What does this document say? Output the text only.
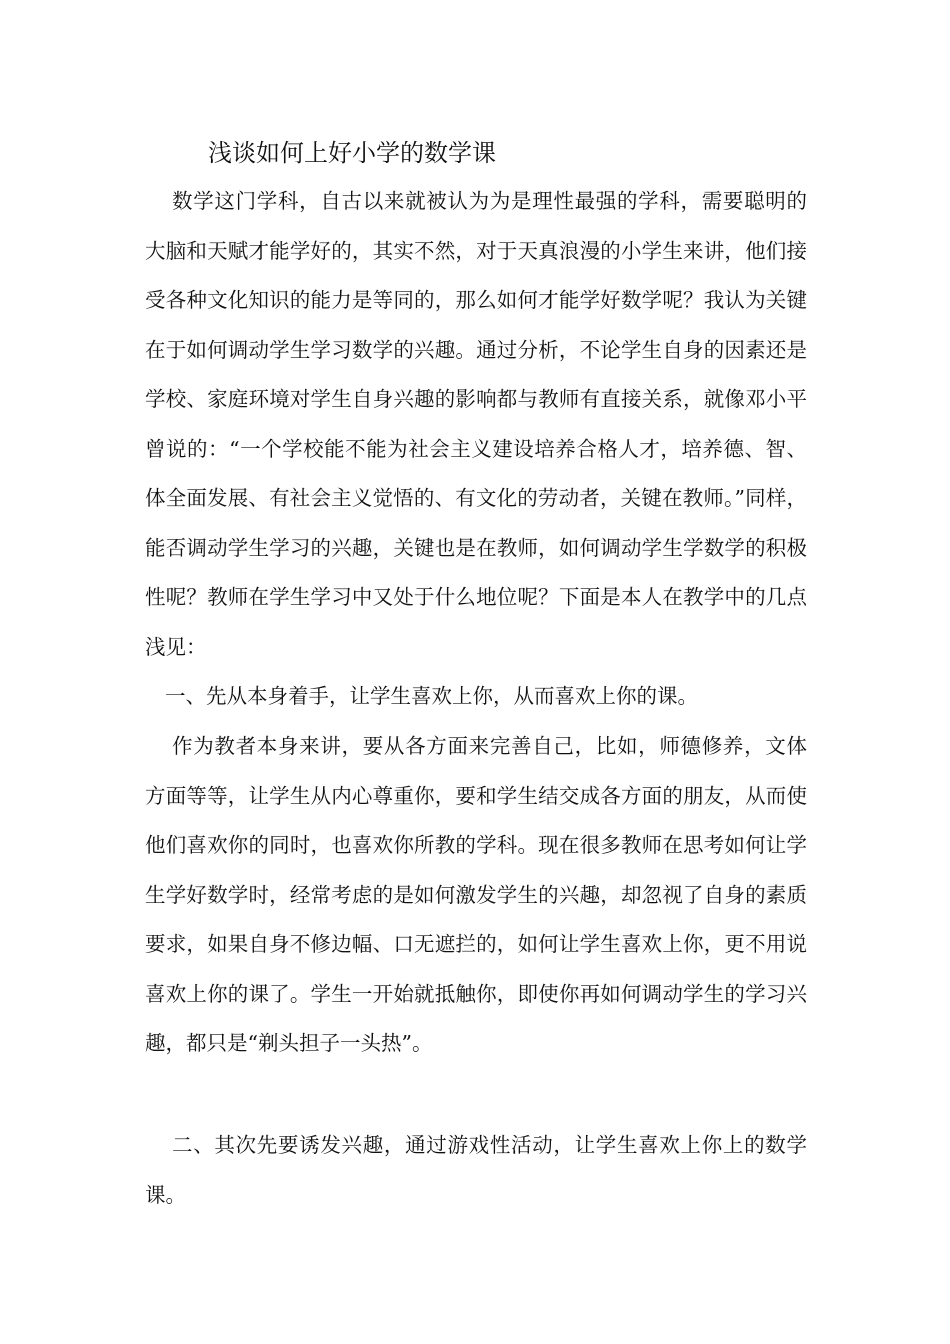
浅谈如何上好小学的数学课
数学这门学科，自古以来就被认为为是理性最强的学科，需要聪明的大脑和天赋才能学好的，其实不然，对于天真浪漫的小学生来讲，他们接受各种文化知识的能力是等同的，那么如何才能学好数学呢？我认为关键在于如何调动学生学习数学的兴趣。通过分析，不论学生自身的因素还是学校、家庭环境对学生自身兴趣的影响都与教师有直接关系，就像邓小平曾说的：“一个学校能不能为社会主义建设培养合格人才，培养德、智、体全面发展、有社会主义觉悟的、有文化的劳动者，关键在教师。”同样，能否调动学生学习的兴趣，关键也是在教师，如何调动学生学数学的积极性呢？教师在学生学习中又处于什么地位呢？下面是本人在教学中的几点浅见：
一、先从本身着手，让学生喜欢上你，从而喜欢上你的课。
作为教者本身来讲，要从各方面来完善自己，比如，师德修养，文体方面等等，让学生从内心尊重你，要和学生结交成各方面的朋友，从而使他们喜欢你的同时，也喜欢你所教的学科。现在很多教师在思考如何让学生学好数学时，经常考虑的是如何激发学生的兴趣，却忽视了自身的素质要求，如果自身不修边幅、口无遮拦的，如何让学生喜欢上你，更不用说喜欢上你的课了。学生一开始就抵触你，即使你再如何调动学生的学习兴趣，都只是“剃头担子一头热”。
二、其次先要诱发兴趣，通过游戏性活动，让学生喜欢上你上的数学课。
